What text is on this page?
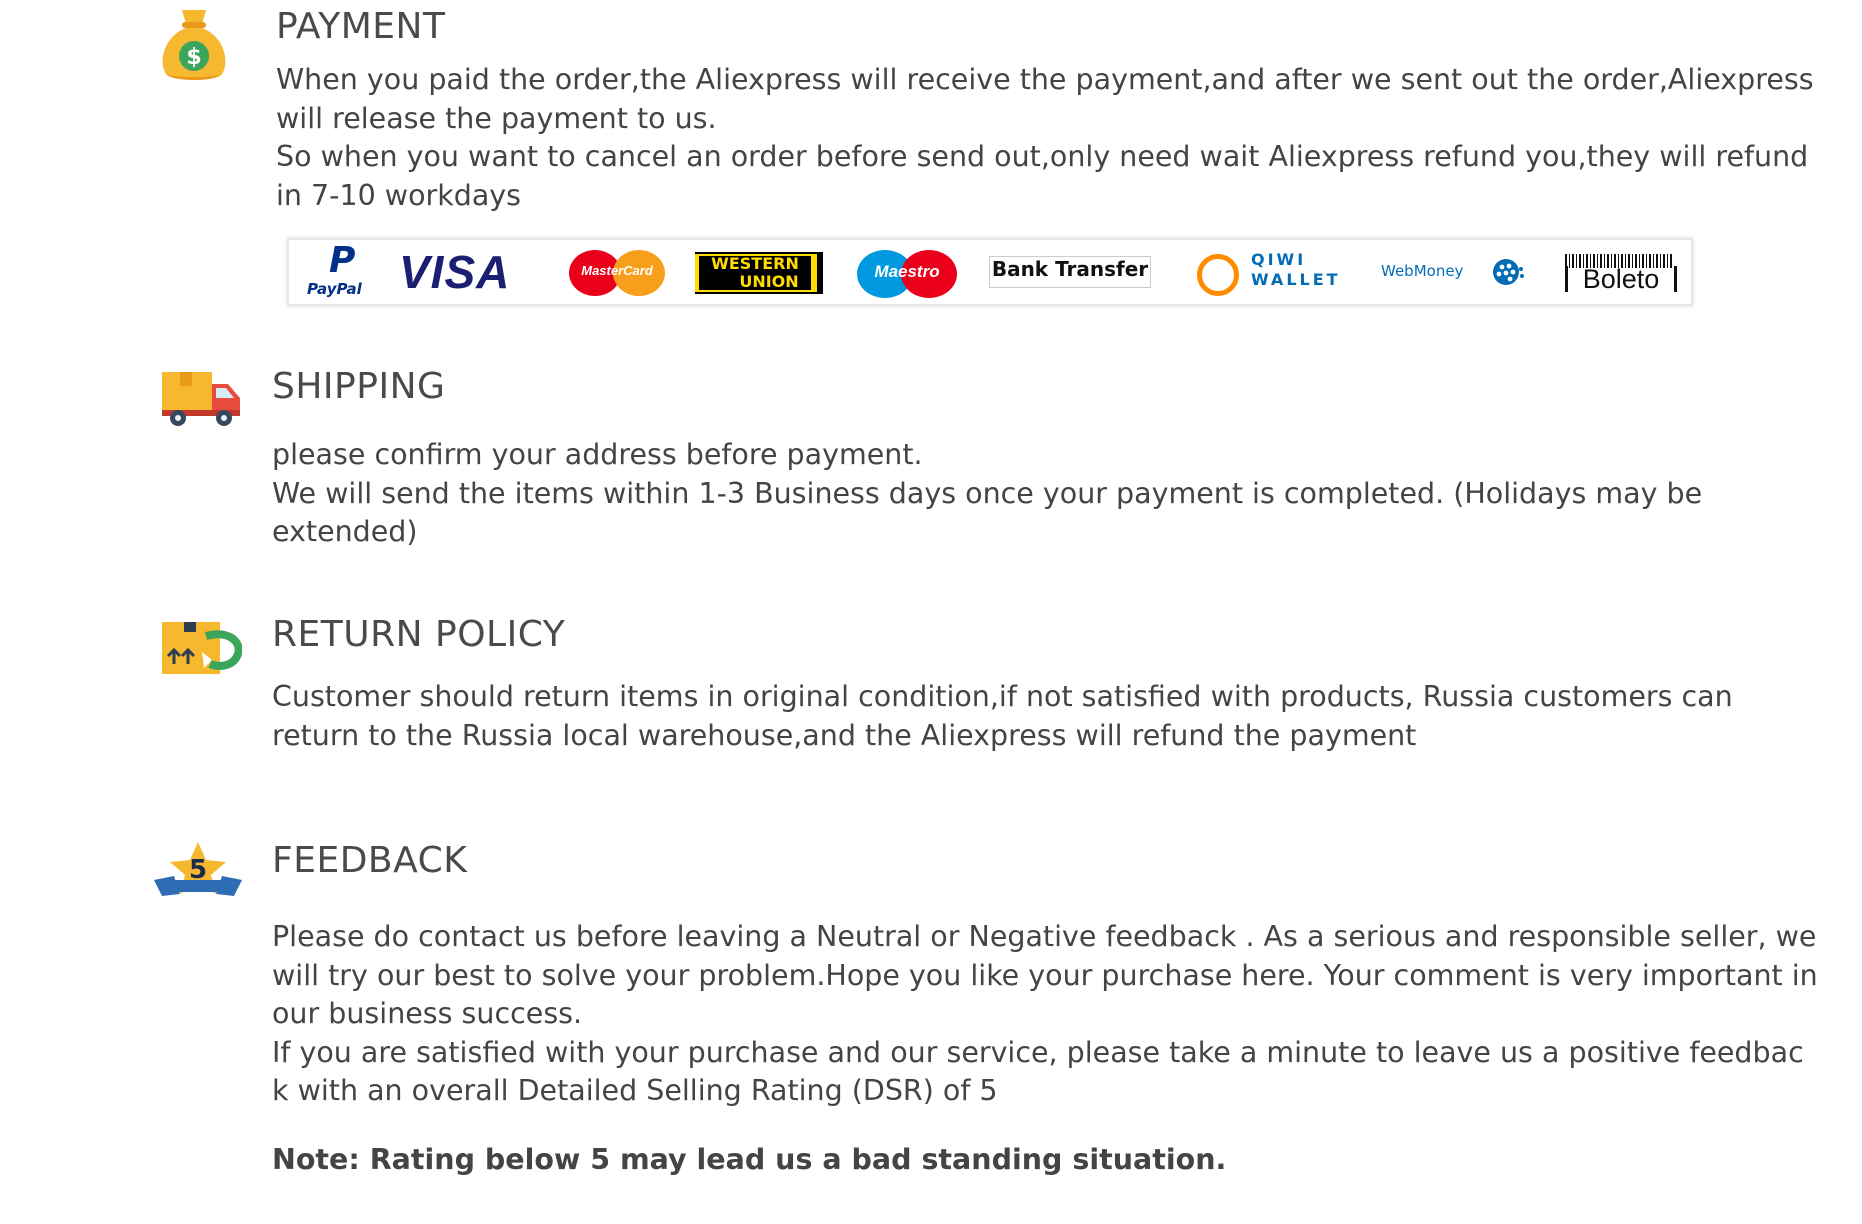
$
PAYMENT

When you paid the order,the Aliexpress will receive the payment,and after we sent out the order,Aliexpress will release the payment to us.

So when you want to cancel an order before send out,only need wait Aliexpress refund you,they will refund in 7-10 workdays

P
PayPal VISA	MasterCard	WESTERN
UNION
Maestro	Bank Transfer	QIWI
WALLET	WebMoney	Boleto
SHIPPING

please confirm your address before payment.

We will send the items within 1-3 Business days once your payment is completed. (Holidays may be extended)

RETURN POLICY

Customer should return items in original condition,if not satisfied with products, Russia customers can return to the Russia local warehouse,and the Aliexpress will refund the payment

5 FEEDBACK

Please do contact us before leaving a Neutral or Negative feedback . As a serious and responsible seller, we will try our best to solve your problem.Hope you like your purchase here. Your comment is very important in our business success.

If you are satisfied with your purchase and our service, please take a minute to leave us a positive feedbac k with an overall Detailed Selling Rating (DSR) of 5

Note: Rating below 5 may lead us a bad standing situation.
